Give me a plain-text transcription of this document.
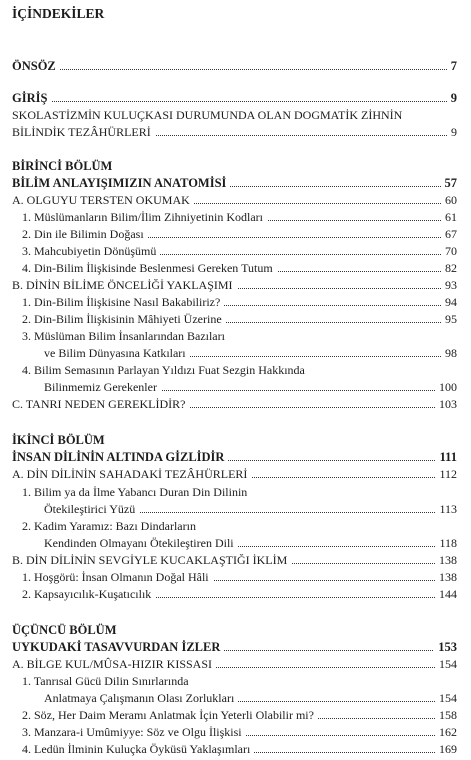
İÇİNDEKİLER
ÖNSÖZ	7
GİRİŞ	9
SKOLASTİZMİN KULUÇKASI DURUMUNDA OLAN DOGMATİK ZİHNİN
BİLİNDİK TEZÂHÜRLERİ	9
BİRİNCİ BÖLÜM
BİLİM ANLAYIŞIMIZIN ANATOMİSİ	57
A. OLGUYU TERSTEN OKUMAK	60
1. Müslümanların Bilim/İlim Zihniyetinin Kodları	61
2. Din ile Bilimin Doğası	67
3. Mahcubiyetin Dönüşümü	70
4. Din-Bilim İlişkisinde Beslenmesi Gereken Tutum	82
B. DİNİN BİLİME ÖNCELİĞİ YAKLAŞIMI	93
1. Din-Bilim İlişkisine Nasıl Bakabiliriz?	94
2. Din-Bilim İlişkisinin Mâhiyeti Üzerine	95
3. Müslüman Bilim İnsanlarından Bazıları
ve Bilim Dünyasına Katkıları	98
4. Bilim Semasının Parlayan Yıldızı Fuat Sezgin Hakkında
Bilinmemiz Gerekenler	100
C. TANRI NEDEN GEREKLİDİR?	103
İKİNCİ BÖLÜM
İNSAN DİLİNİN ALTINDA GİZLİDİR	111
A. DİN DİLİNİN SAHADAKİ TEZÂHÜRLERİ	112
1. Bilim ya da İlme Yabancı Duran Din Dilinin
Ötekileştirici Yüzü	113
2. Kadim Yaramız: Bazı Dindarların
Kendinden Olmayanı Ötekileştiren Dili	118
B. DİN DİLİNİN SEVGİYLE KUCAKLAŞTIĞI İKLİM	138
1. Hoşgörü: İnsan Olmanın Doğal Hâli	138
2. Kapsayıcılık-Kuşatıcılık	144
ÜÇÜNCÜ BÖLÜM
UYKUDAKİ TASAVVURDAN İZLER	153
A. BİLGE KUL/MÛSA-HIZIR KISSASI	154
1. Tanrısal Gücü Dilin Sınırlarında
Anlatmaya Çalışmanın Olası Zorlukları	154
2. Söz, Her Daim Meramı Anlatmak İçin Yeterli Olabilir mi?	158
3. Manzara-i Umûmiyye: Söz ve Olgu İlişkisi	162
4. Ledün İlminin Kuluçka Öyküsü Yaklaşımları	169
